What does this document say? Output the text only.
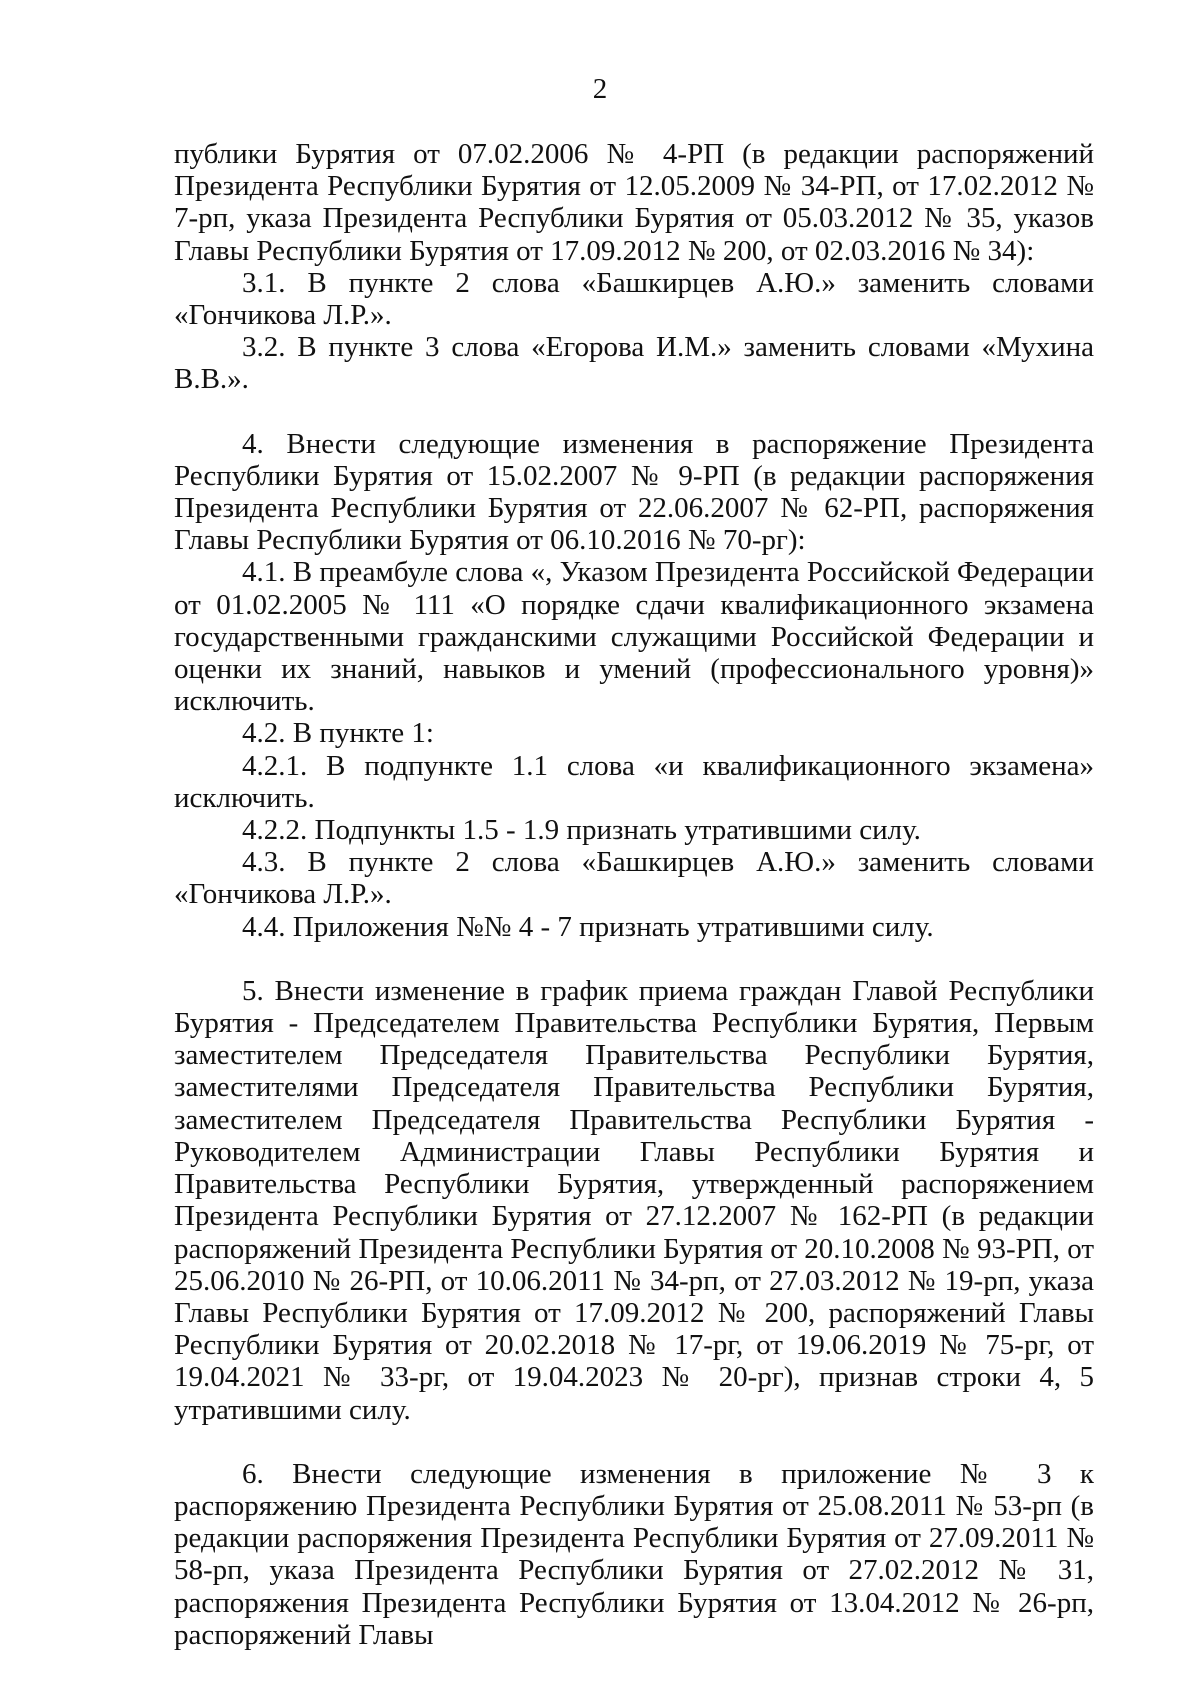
2

публики Бурятия от 07.02.2006 № 4-РП (в редакции распоряжений Президента Республики Бурятия от 12.05.2009 № 34-РП, от 17.02.2012 № 7-рп, указа Президента Республики Бурятия от 05.03.2012 № 35, указов Главы Республики Бурятия от 17.09.2012 № 200, от 02.03.2016 № 34):

3.1. В пункте 2 слова «Башкирцев А.Ю.» заменить словами «Гончикова Л.Р.».

3.2. В пункте 3 слова «Егорова И.М.» заменить словами «Мухина В.В.».

4. Внести следующие изменения в распоряжение Президента Республики Бурятия от 15.02.2007 № 9-РП (в редакции распоряжения Президента Республики Бурятия от 22.06.2007 № 62-РП, распоряжения Главы Республики Бурятия от 06.10.2016 № 70-рг):

4.1. В преамбуле слова «, Указом Президента Российской Федерации от 01.02.2005 № 111 «О порядке сдачи квалификационного экзамена государственными гражданскими служащими Российской Федерации и оценки их знаний, навыков и умений (профессионального уровня)» исключить.

4.2. В пункте 1:

4.2.1. В подпункте 1.1 слова «и квалификационного экзамена» исключить.

4.2.2. Подпункты 1.5 - 1.9 признать утратившими силу.

4.3. В пункте 2 слова «Башкирцев А.Ю.» заменить словами «Гончикова Л.Р.».

4.4. Приложения №№ 4 - 7 признать утратившими силу.

5. Внести изменение в график приема граждан Главой Республики Бурятия - Председателем Правительства Республики Бурятия, Первым заместителем Председателя Правительства Республики Бурятия, заместителями Председателя Правительства Республики Бурятия, заместителем Председателя Правительства Республики Бурятия - Руководителем Администрации Главы Республики Бурятия и Правительства Республики Бурятия, утвержденный распоряжением Президента Республики Бурятия от 27.12.2007 № 162-РП (в редакции распоряжений Президента Республики Бурятия от 20.10.2008 № 93-РП, от 25.06.2010 № 26-РП, от 10.06.2011 № 34-рп, от 27.03.2012 № 19-рп, указа Главы Республики Бурятия от 17.09.2012 № 200, распоряжений Главы Республики Бурятия от 20.02.2018 № 17-рг, от 19.06.2019 № 75-рг, от 19.04.2021 № 33-рг, от 19.04.2023 № 20-рг), признав строки 4, 5 утратившими силу.

6. Внести следующие изменения в приложение № 3 к распоряжению Президента Республики Бурятия от 25.08.2011 № 53-рп (в редакции распоряжения Президента Республики Бурятия от 27.09.2011 № 58-рп, указа Президента Республики Бурятия от 27.02.2012 № 31, распоряжения Президента Республики Бурятия от 13.04.2012 № 26-рп, распоряжений Главы
